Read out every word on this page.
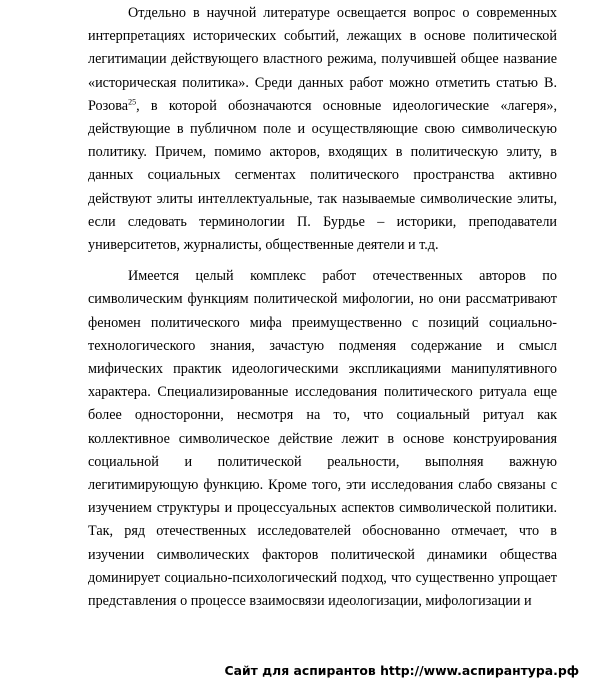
Отдельно в научной литературе освещается вопрос о современных интерпретациях исторических событий, лежащих в основе политической легитимации действующего властного режима, получившей общее название «историческая политика». Среди данных работ можно отметить статью В. Розова$^{25}$, в которой обозначаются основные идеологические «лагеря», действующие в публичном поле и осуществляющие свою символическую политику. Причем, помимо акторов, входящих в политическую элиту, в данных социальных сегментах политического пространства активно действуют элиты интеллектуальные, так называемые символические элиты, если следовать терминологии П. Бурдье – историки, преподаватели университетов, журналисты, общественные деятели и т.д.

Имеется целый комплекс работ отечественных авторов по символическим функциям политической мифологии, но они рассматривают феномен политического мифа преимущественно с позиций социально-технологического знания, зачастую подменяя содержание и смысл мифических практик идеологическими экспликациями манипулятивного характера. Специализированные исследования политического ритуала еще более односторонни, несмотря на то, что социальный ритуал как коллективное символическое действие лежит в основе конструирования социальной и политической реальности, выполняя важную легитимирующую функцию. Кроме того, эти исследования слабо связаны с изучением структуры и процессуальных аспектов символической политики. Так, ряд отечественных исследователей обоснованно отмечает, что в изучении символических факторов политической динамики общества доминирует социально-психологический подход, что существенно упрощает представления о процессе взаимосвязи идеологизации, мифологизации и

Сайт для аспирантов http://www.аспирантура.рф
